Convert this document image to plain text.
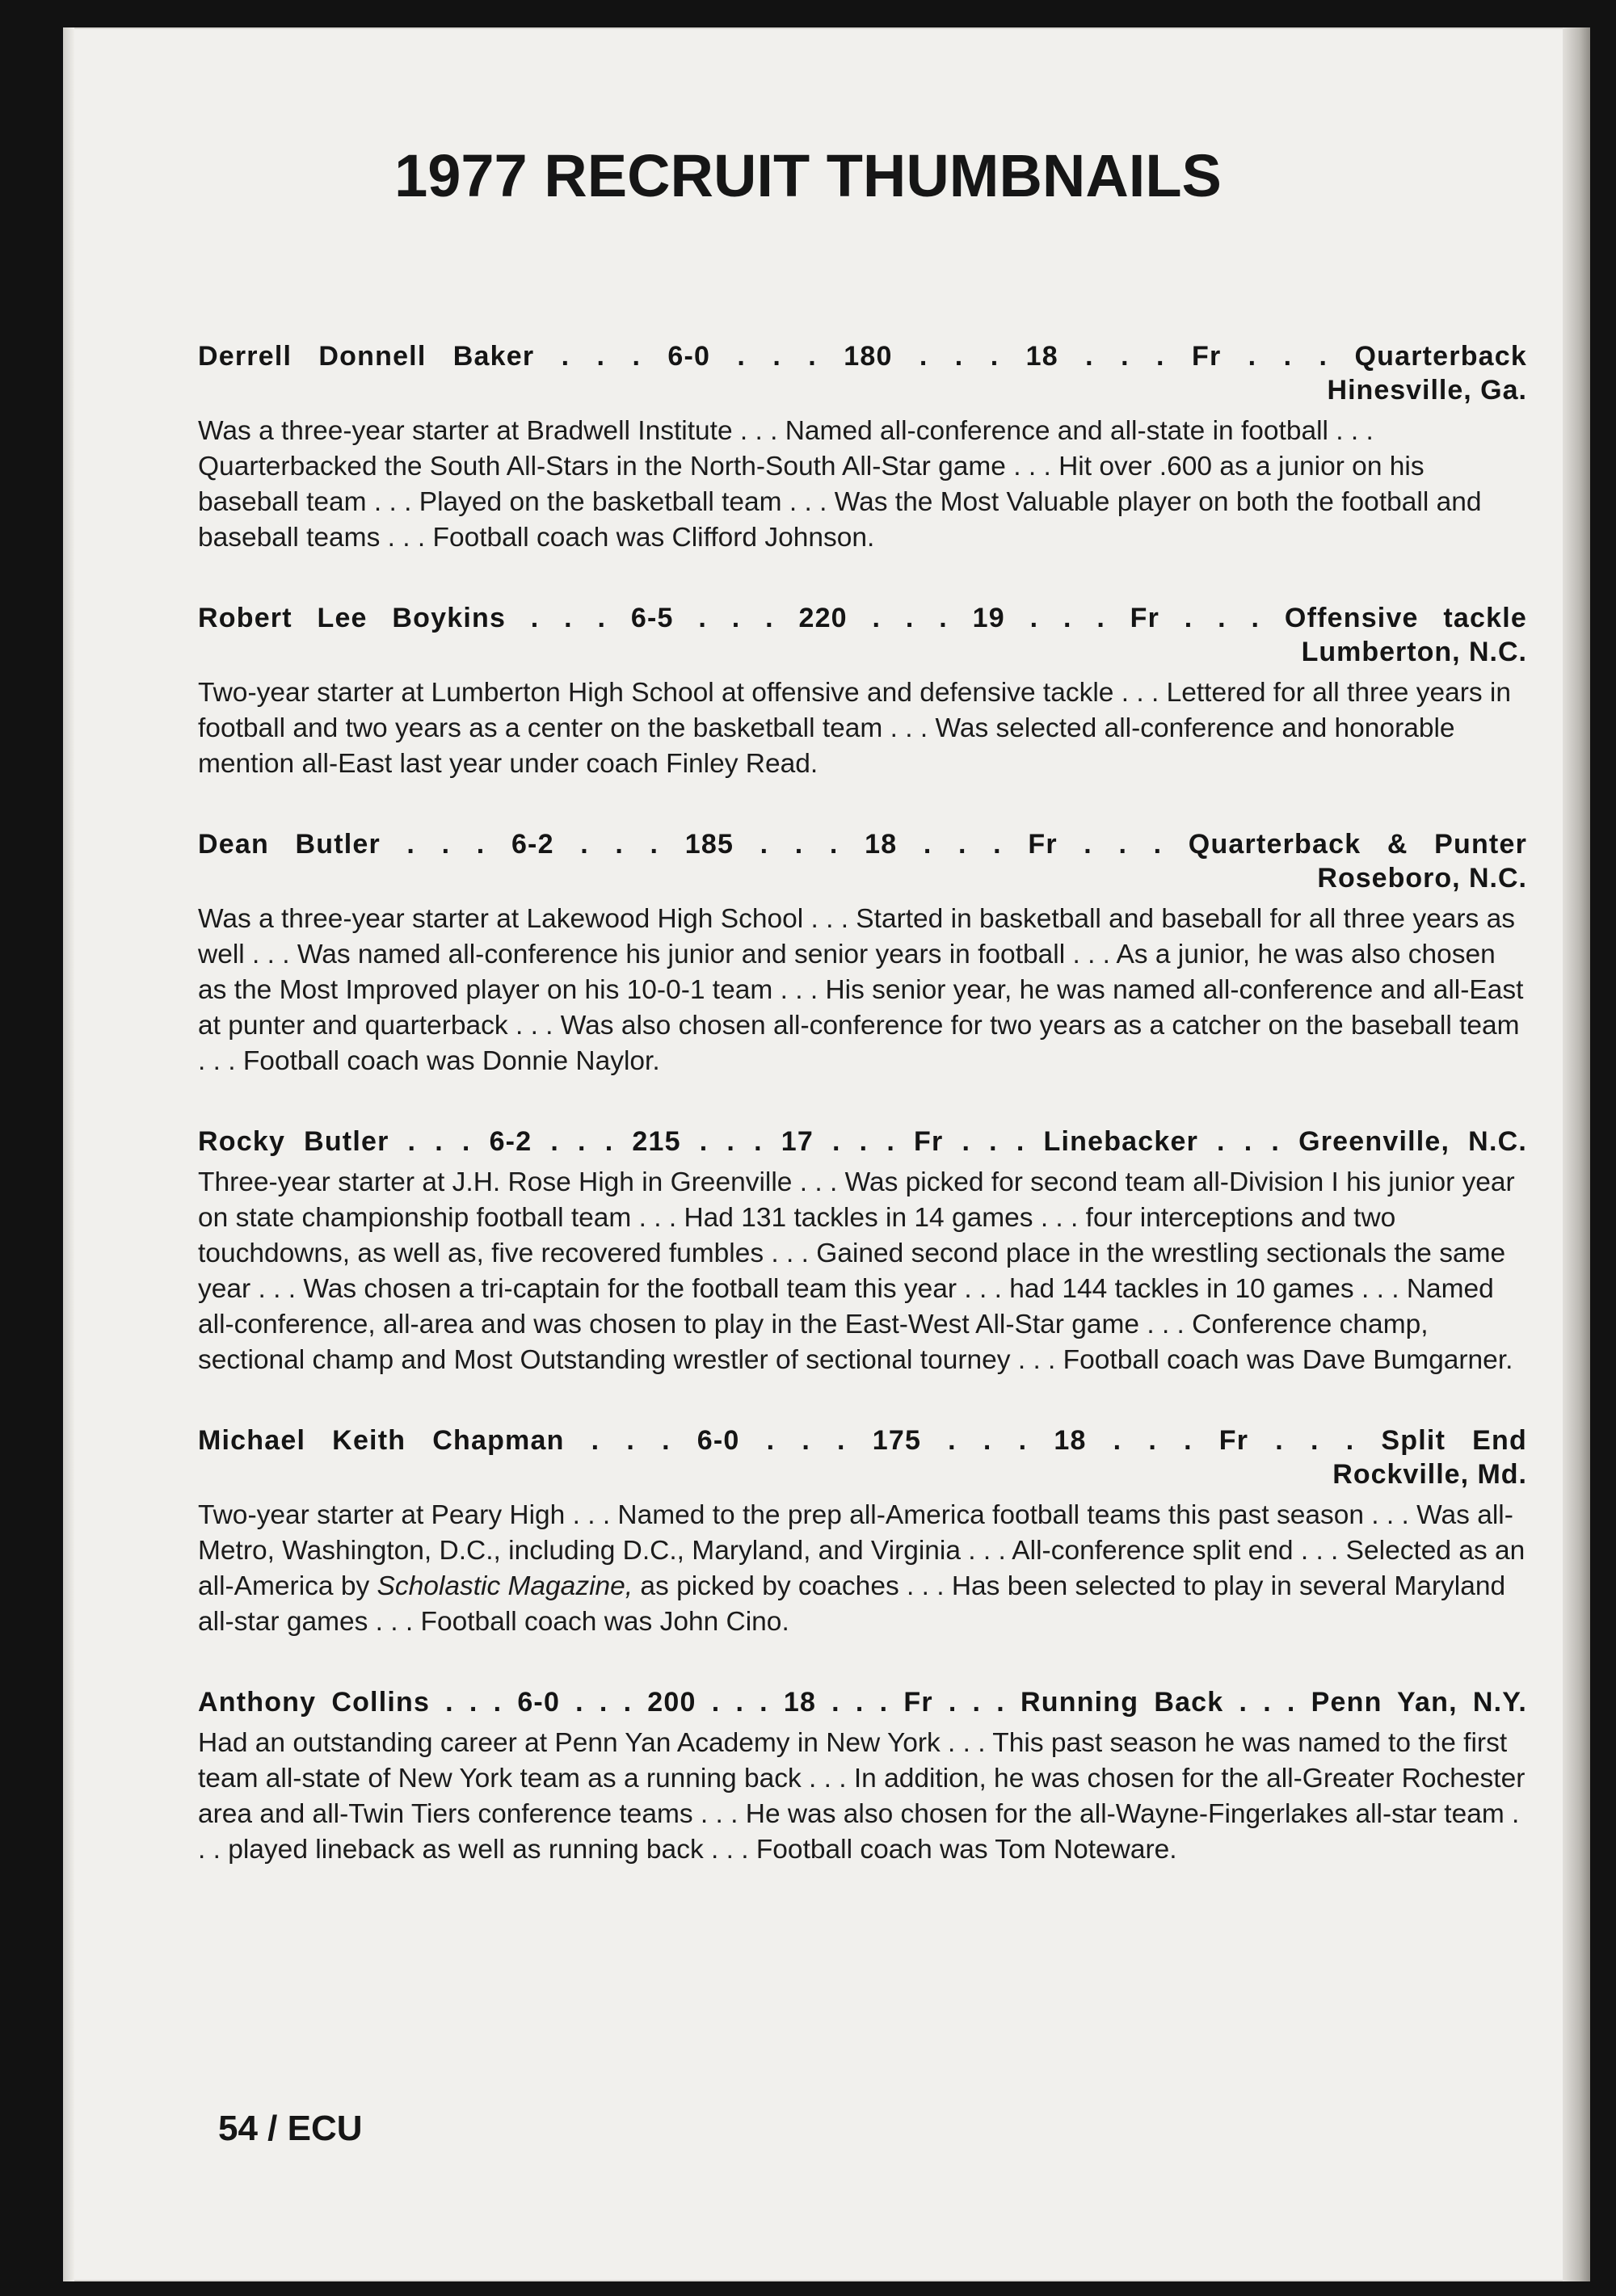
1977 RECRUIT THUMBNAILS
Derrell Donnell Baker . . . 6-0 . . . 180 . . . 18 . . . Fr . . . Quarterback
Hinesville, Ga.

Was a three-year starter at Bradwell Institute . . . Named all-conference and all-state in football . . . Quarterbacked the South All-Stars in the North-South All-Star game . . . Hit over .600 as a junior on his baseball team . . . Played on the basketball team . . . Was the Most Valuable player on both the football and baseball teams . . . Football coach was Clifford Johnson.

Robert Lee Boykins . . . 6-5 . . . 220 . . . 19 . . . Fr . . . Offensive tackle
Lumberton, N.C.

Two-year starter at Lumberton High School at offensive and defensive tackle . . . Lettered for all three years in football and two years as a center on the basketball team . . . Was selected all-conference and honorable mention all-East last year under coach Finley Read.

Dean Butler . . . 6-2 . . . 185 . . . 18 . . . Fr . . . Quarterback & Punter
Roseboro, N.C.

Was a three-year starter at Lakewood High School . . . Started in basketball and baseball for all three years as well . . . Was named all-conference his junior and senior years in football . . . As a junior, he was also chosen as the Most Improved player on his 10-0-1 team . . . His senior year, he was named all-conference and all-East at punter and quarterback . . . Was also chosen all-conference for two years as a catcher on the baseball team . . . Football coach was Donnie Naylor.

Rocky Butler . . . 6-2 . . . 215 . . . 17 . . . Fr . . . Linebacker . . . Greenville, N.C.

Three-year starter at J.H. Rose High in Greenville . . . Was picked for second team all-Division I his junior year on state championship football team . . . Had 131 tackles in 14 games . . . four interceptions and two touchdowns, as well as, five recovered fumbles . . . Gained second place in the wrestling sectionals the same year . . . Was chosen a tri-captain for the football team this year . . . had 144 tackles in 10 games . . . Named all-conference, all-area and was chosen to play in the East-West All-Star game . . . Conference champ, sectional champ and Most Outstanding wrestler of sectional tourney . . . Football coach was Dave Bumgarner.

Michael Keith Chapman . . . 6-0 . . . 175 . . . 18 . . . Fr . . . Split End
Rockville, Md.

Two-year starter at Peary High . . . Named to the prep all-America football teams this past season . . . Was all-Metro, Washington, D.C., including D.C., Maryland, and Virginia . . . All-conference split end . . . Selected as an all-America by Scholastic Magazine, as picked by coaches . . . Has been selected to play in several Maryland all-star games . . . Football coach was John Cino.

Anthony Collins . . . 6-0 . . . 200 . . . 18 . . . Fr . . . Running Back . . . Penn Yan, N.Y.

Had an outstanding career at Penn Yan Academy in New York . . . This past season he was named to the first team all-state of New York team as a running back . . . In addition, he was chosen for the all-Greater Rochester area and all-Twin Tiers conference teams . . . He was also chosen for the all-Wayne-Fingerlakes all-star team . . . played lineback as well as running back . . . Football coach was Tom Noteware.

54 / ECU
